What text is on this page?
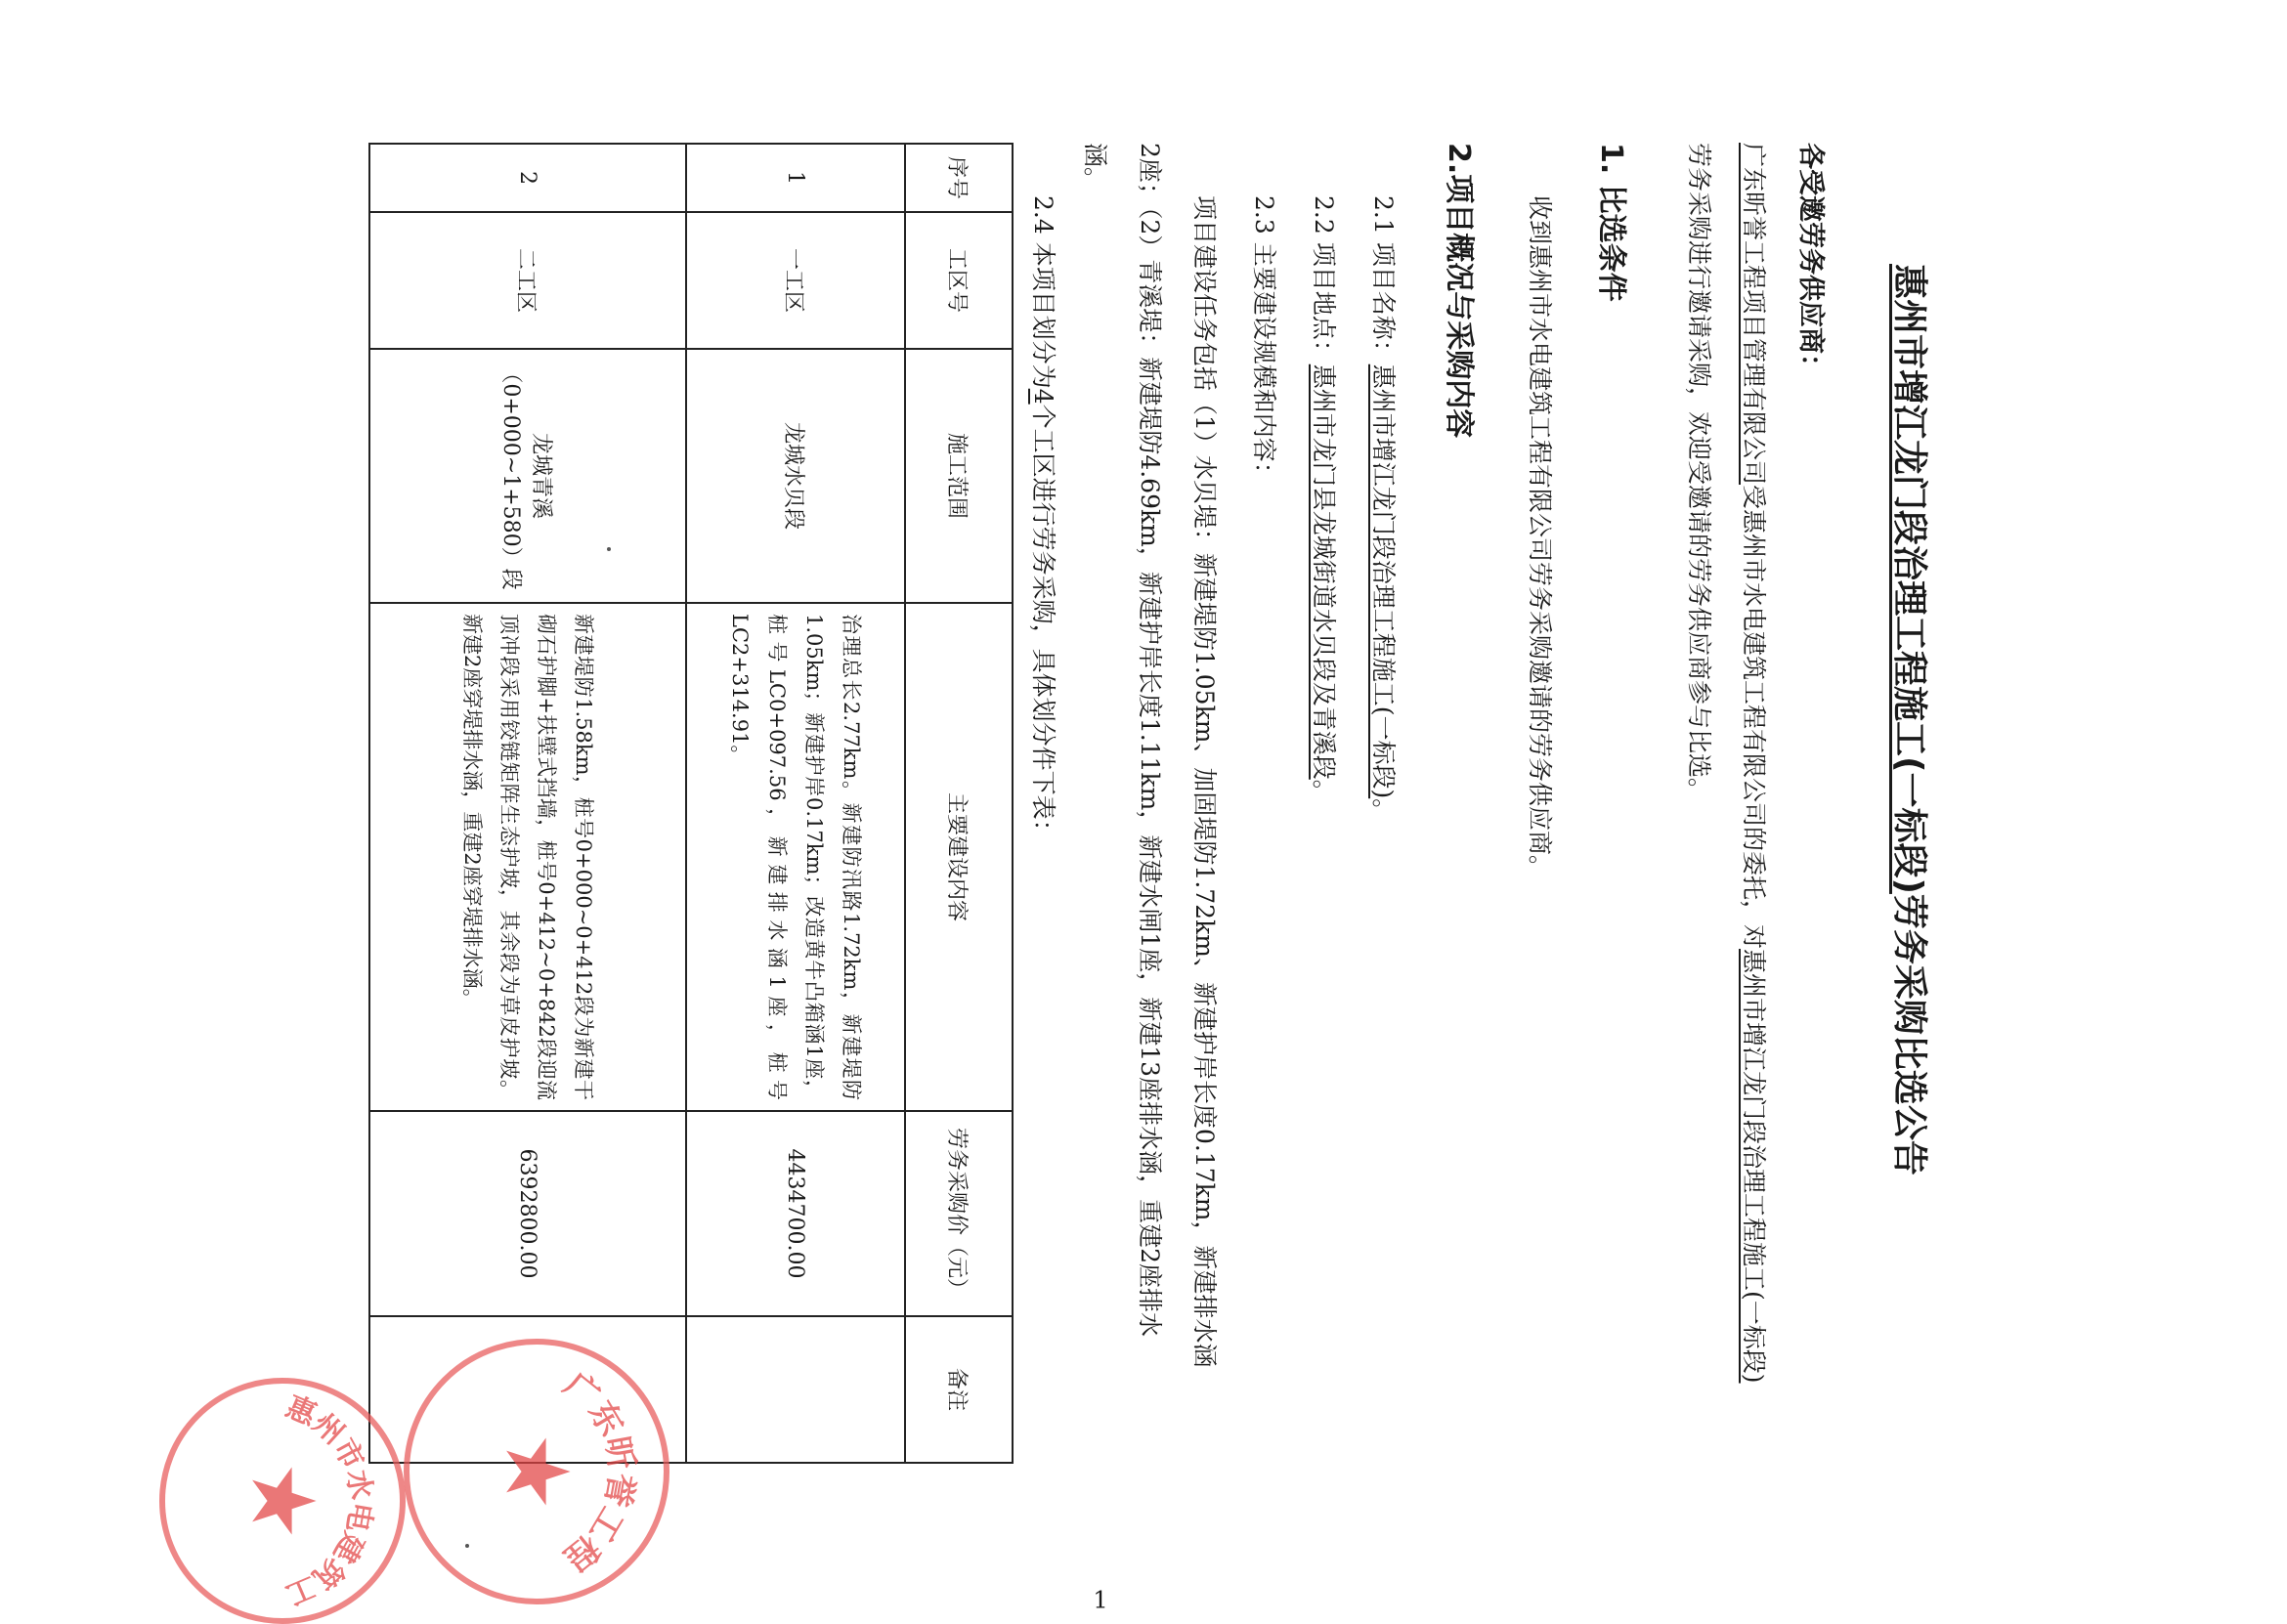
惠州市增江龙门段治理工程施工(一标段)劳务采购比选公告
各受邀劳务供应商：
广东昕誉工程项目管理有限公司受惠州市水电建筑工程有限公司的委托，对惠州市增江龙门段治理工程施工(一标段)劳务采购进行邀请采购，欢迎受邀请的劳务供应商参与比选。
1. 比选条件
收到惠州市水电建筑工程有限公司劳务采购邀请的劳务供应商。
2.项目概况与采购内容
2.1 项目名称：惠州市增江龙门段治理工程施工(一标段)。
2.2 项目地点：惠州市龙门县龙城街道水贝段及青溪段。
2.3 主要建设规模和内容：
项目建设任务包括（1）水贝堤：新建堤防1.05km、加固堤防1.72km、新建护岸长度0.17km，新建排水涵2座；（2）青溪堤：新建堤防4.69km，新建护岸长度1.11km，新建水闸1座，新建13座排水涵，重建2座排水涵。
2.4 本项目划分为4个工区进行劳务采购，具体划分件下表：
序号	工区号	施工范围	主要建设内容	劳务采购价（元）	备注
1	一工区	龙城水贝段	治理总长2.77km。新建防汛路1.72km，新建堤防1.05km；新建护岸0.17km；改造黄牛凸箱涵1座，桩号LC0+097.56，新建排水涵1座，桩号LC2+314.91。	4434700.00	
2	二工区	龙城青溪（0+000~1+580）段	新建堤防1.58km，桩号0+000~0+412段为新建干砌石护脚+扶壁式挡墙，桩号0+412~0+842段迎流顶冲段采用铰链矩阵生态护坡，其余段为草皮护坡。新建2座穿堤排水涵，重建2座穿堤排水涵。	6392800.00	
广东昕誉工程
★
惠州市水电建筑工
★
1
